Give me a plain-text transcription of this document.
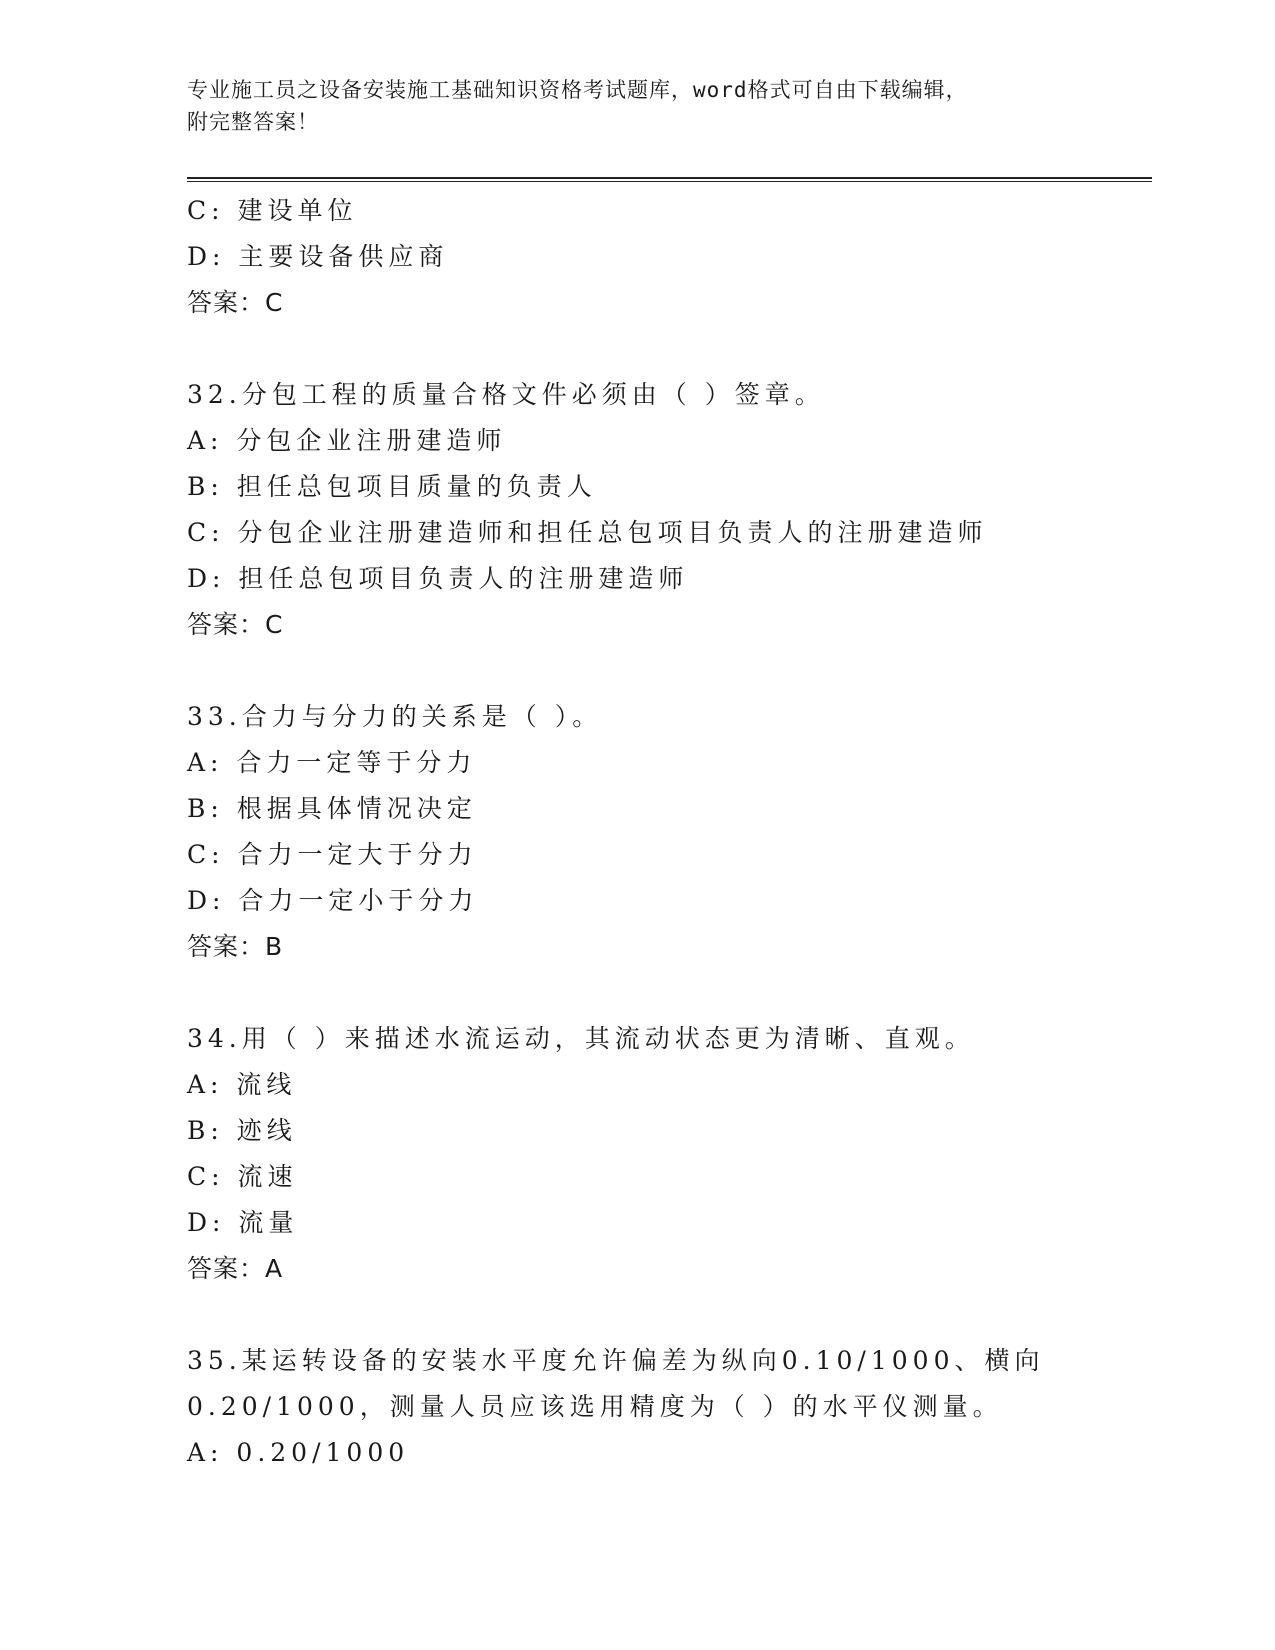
专业施工员之设备安装施工基础知识资格考试题库，word格式可自由下载编辑，
附完整答案！
C: 建设单位
D: 主要设备供应商
答案：C
32.分包工程的质量合格文件必须由（ ）签章。
A: 分包企业注册建造师
B: 担任总包项目质量的负责人
C: 分包企业注册建造师和担任总包项目负责人的注册建造师
D: 担任总包项目负责人的注册建造师
答案：C
33.合力与分力的关系是（ ）。
A: 合力一定等于分力
B: 根据具体情况决定
C: 合力一定大于分力
D: 合力一定小于分力
答案：B
34.用（ ）来描述水流运动，其流动状态更为清晰、直观。
A: 流线
B: 迹线
C: 流速
D: 流量
答案：A
35.某运转设备的安装水平度允许偏差为纵向0.10/1000、横向
0.20/1000，测量人员应该选用精度为（ ）的水平仪测量。
A: 0.20/1000
